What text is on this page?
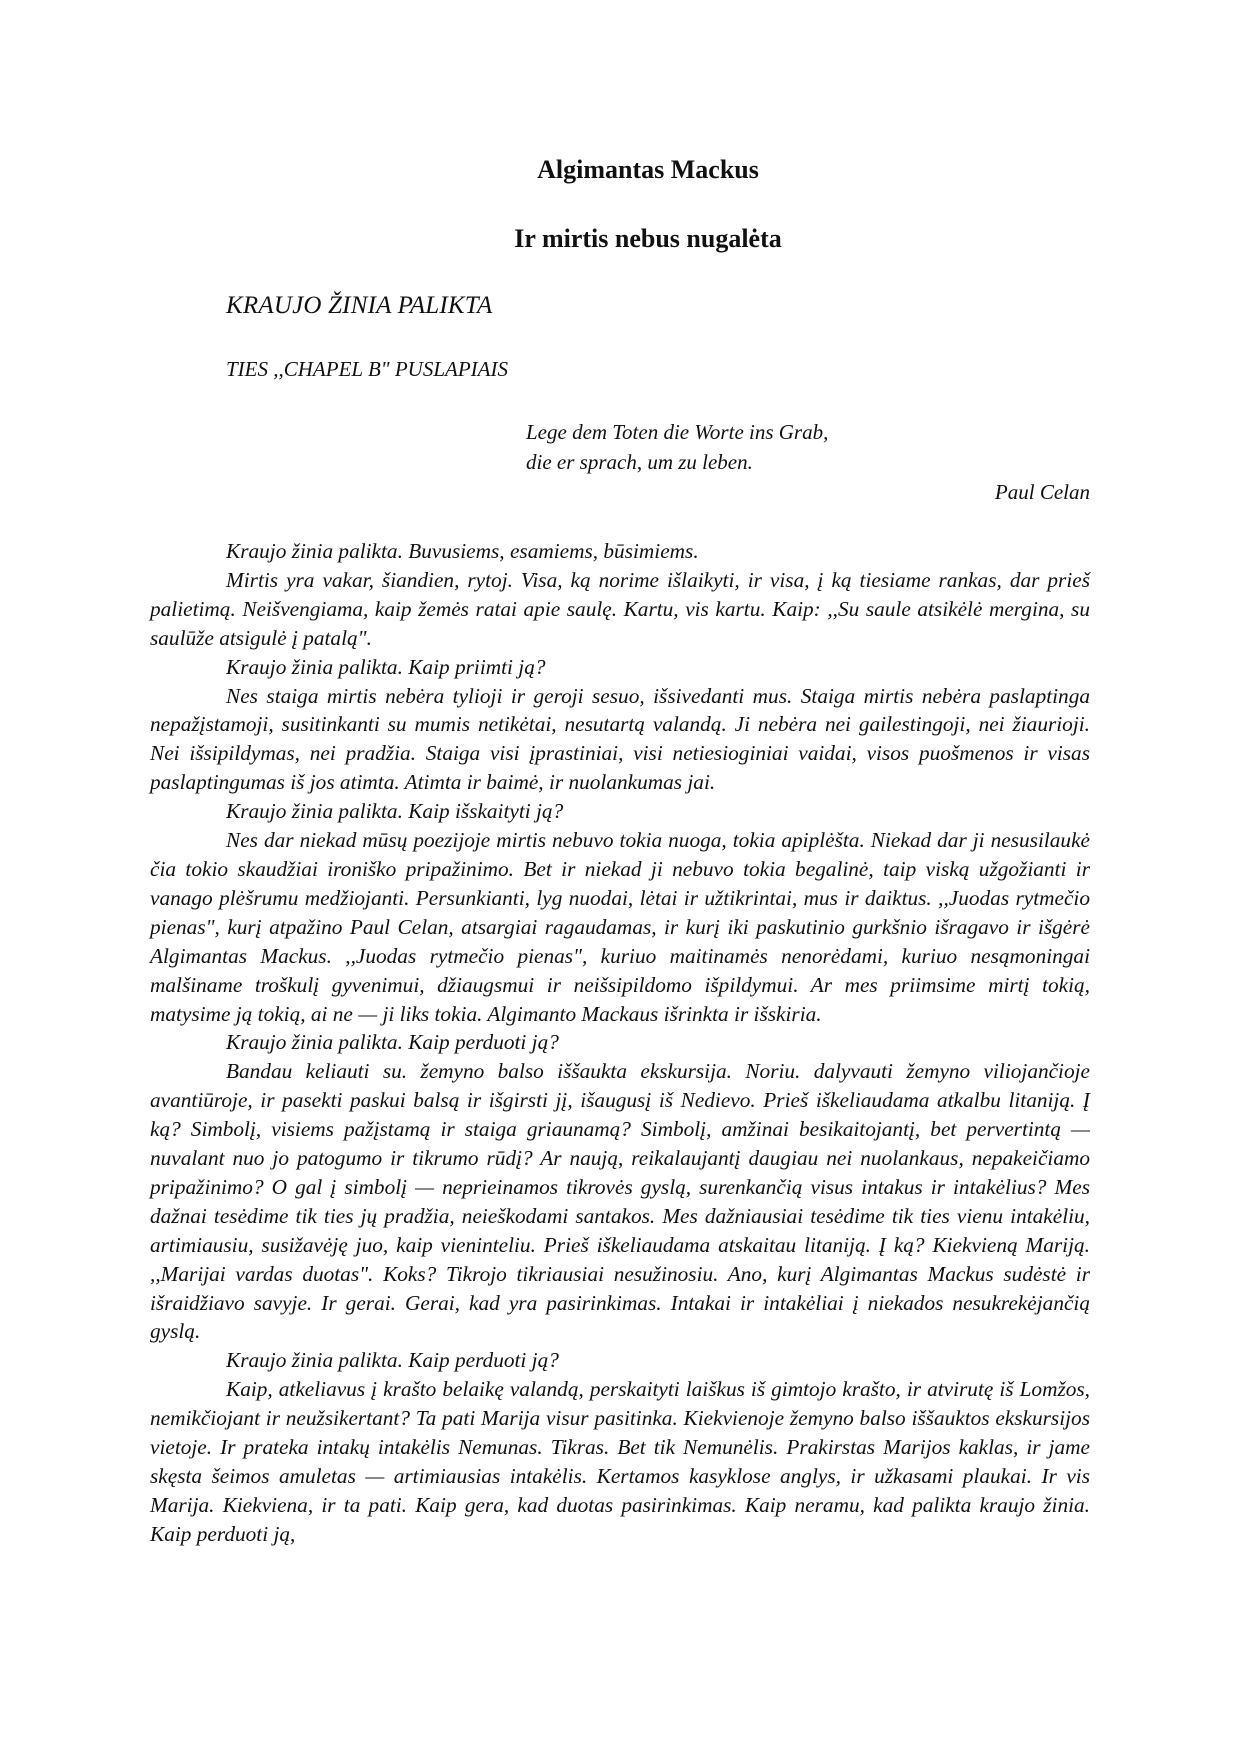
Algimantas Mackus
Ir mirtis nebus nugalėta
KRAUJO ŽINIA PALIKTA
TIES ,,CHAPEL B" PUSLAPIAIS
Lege dem Toten die Worte ins Grab,
die er sprach, um zu leben.
Paul Celan

Kraujo žinia palikta. Buvusiems, esamiems, būsimiems.

Mirtis yra vakar, šiandien, rytoj. Visa, ką norime išlaikyti, ir visa, į ką tiesiame rankas, dar prieš palietimą. Neišvengiama, kaip žemės ratai apie saulę. Kartu, vis kartu. Kaip: ,,Su saule atsikėlė mergina, su saulūže atsigulė į patalą".

Kraujo žinia palikta. Kaip priimti ją?

Nes staiga mirtis nebėra tylioji ir geroji sesuo, išsivedanti mus. Staiga mirtis nebėra paslaptinga nepažįstamoji, susitinkanti su mumis netikėtai, nesutartą valandą. Ji nebėra nei gailestingoji, nei žiaurioji. Nei išsipildymas, nei pradžia. Staiga visi įprastiniai, visi netiesioginiai vaidai, visos puošmenos ir visas paslaptingumas iš jos atimta. Atimta ir baimė, ir nuolankumas jai.

Kraujo žinia palikta. Kaip išskaityti ją?

Nes dar niekad mūsų poezijoje mirtis nebuvo tokia nuoga, tokia apiplėšta. Niekad dar ji nesusilaukė čia tokio skaudžiai ironiško pripažinimo. Bet ir niekad ji nebuvo tokia begalinė, taip viską užgožianti ir vanago plėšrumu medžiojanti. Persunkianti, lyg nuodai, lėtai ir užtikrintai, mus ir daiktus. ,,Juodas rytmečio pienas", kurį atpažino Paul Celan, atsargiai ragaudamas, ir kurį iki paskutinio gurkšnio išragavo ir išgėrė Algimantas Mackus. ,,Juodas rytmečio pienas", kuriuo maitinamės nenorėdami, kuriuo nesąmoningai malšiname troškulį gyvenimui, džiaugsmui ir neišsipildomo išpildymui. Ar mes priimsime mirtį tokią, matysime ją tokią, ai ne — ji liks tokia. Algimanto Mackaus išrinkta ir išskiria.

Kraujo žinia palikta. Kaip perduoti ją?

Bandau keliauti su. žemyno balso iššaukta ekskursija. Noriu. dalyvauti žemyno viliojančioje avantiūroje, ir pasekti paskui balsą ir išgirsti jį, išaugusį iš Nedievo. Prieš iškeliaudama atkalbu litaniją. Į ką? Simbolį, visiems pažįstamą ir staiga griaunamą? Simbolį, amžinai besikaitojantį, bet pervertintą — nuvalant nuo jo patogumo ir tikrumo rūdį? Ar naują, reikalaujantį daugiau nei nuolankaus, nepakeičiamo pripažinimo? O gal į simbolį — neprieinamos tikrovės gyslą, surenkančią visus intakus ir intakėlius? Mes dažnai tesėdime tik ties jų pradžia, neieškodami santakos. Mes dažniausiai tesėdime tik ties vienu intakėliu, artimiausiu, susižavėję juo, kaip vieninteliu. Prieš iškeliaudama atskaitau litaniją. Į ką? Kiekvieną Mariją. ,,Marijai vardas duotas". Koks? Tikrojo tikriausiai nesužinosiu. Ano, kurį Algimantas Mackus sudėstė ir išraidžiavo savyje. Ir gerai. Gerai, kad yra pasirinkimas. Intakai ir intakėliai į niekados nesukrekėjančią gyslą.

Kraujo žinia palikta. Kaip perduoti ją?

Kaip, atkeliavus į krašto belaikę valandą, perskaityti laiškus iš gimtojo krašto, ir atvirutę iš Lomžos, nemikčiojant ir neužsikertant? Ta pati Marija visur pasitinka. Kiekvienoje žemyno balso iššauktos ekskursijos vietoje. Ir prateka intakų intakėlis Nemunas. Tikras. Bet tik Nemunėlis. Prakirstas Marijos kaklas, ir jame skęsta šeimos amuletas — artimiausias intakėlis. Kertamos kasyklose anglys, ir užkasami plaukai. Ir vis Marija. Kiekviena, ir ta pati. Kaip gera, kad duotas pasirinkimas. Kaip neramu, kad palikta kraujo žinia. Kaip perduoti ją,
